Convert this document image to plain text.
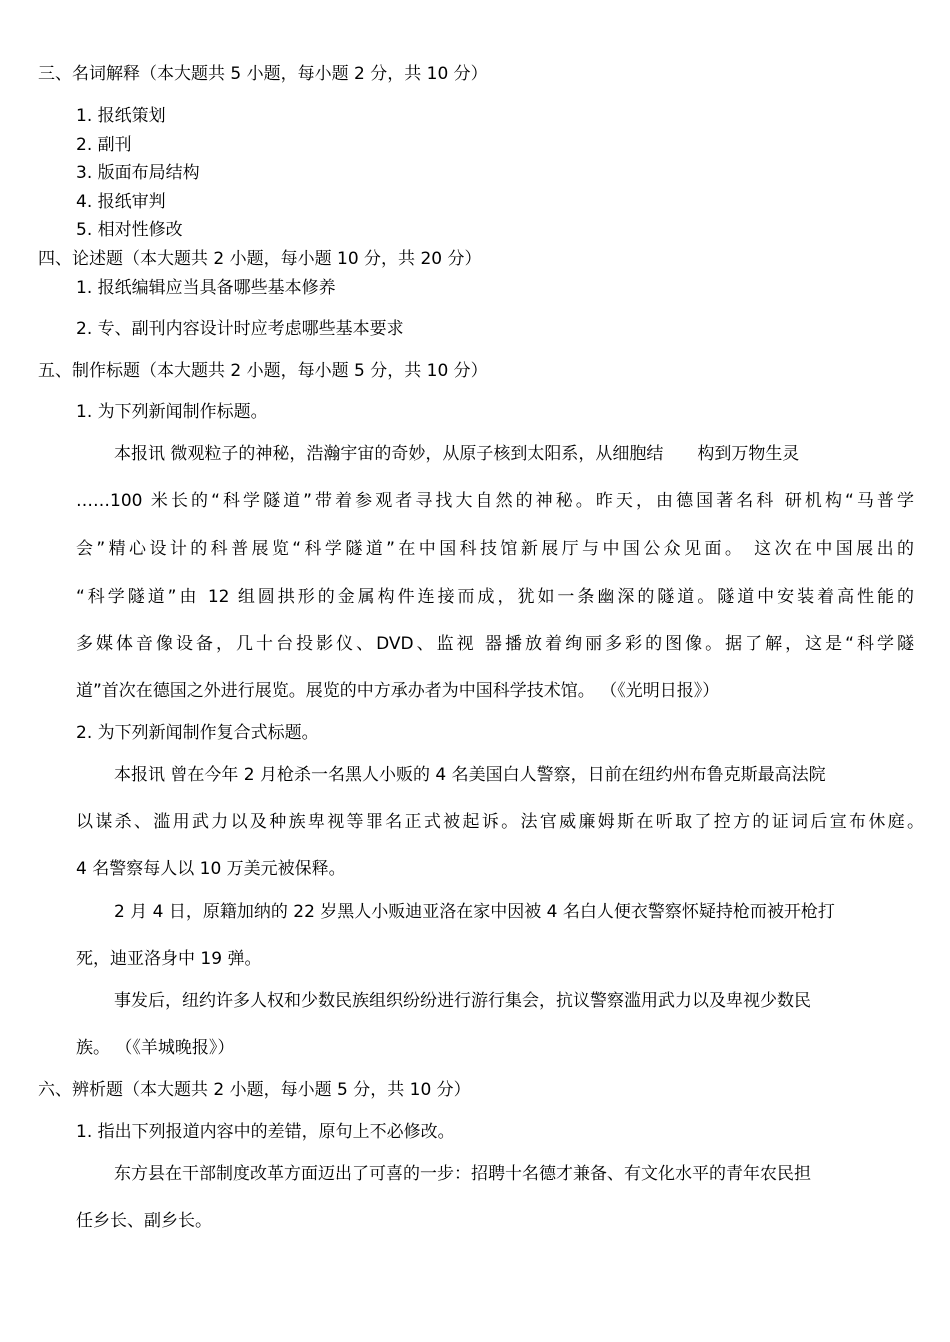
三、名词解释（本大题共 5 小题，每小题 2 分，共 10 分）
1. 报纸策划
2. 副刊
3. 版面布局结构
4. 报纸审判
5. 相对性修改
四、论述题（本大题共 2 小题，每小题 10 分，共 20 分）
1. 报纸编辑应当具备哪些基本修养
2. 专、副刊内容设计时应考虑哪些基本要求
五、制作标题（本大题共 2 小题，每小题 5 分，共 10 分）
1. 为下列新闻制作标题。
本报讯 微观粒子的神秘，浩瀚宇宙的奇妙，从原子核到太阳系，从细胞结　　构到万物生灵
……100 米长的“科学隧道”带着参观者寻找大自然的神秘。昨天，由德国著名科 研机构“马普学
会”精心设计的科普展览“科学隧道”在中国科技馆新展厅与中国公众见面。 这次在中国展出的
“科学隧道”由 12 组圆拱形的金属构件连接而成，犹如一条幽深的隧道。隧道中安装着高性能的
多媒体音像设备，几十台投影仪、DVD、监视 器播放着绚丽多彩的图像。据了解，这是“科学隧
道”首次在德国之外进行展览。展览的中方承办者为中国科学技术馆。 （《光明日报》）
2. 为下列新闻制作复合式标题。
本报讯 曾在今年 2 月枪杀一名黑人小贩的 4 名美国白人警察，日前在纽约州布鲁克斯最高法院
以谋杀、滥用武力以及种族卑视等罪名正式被起诉。法官威廉姆斯在听取了控方的证词后宣布休庭。
4 名警察每人以 10 万美元被保释。
2 月 4 日，原籍加纳的 22 岁黑人小贩迪亚洛在家中因被 4 名白人便衣警察怀疑持枪而被开枪打
死，迪亚洛身中 19 弹。
事发后，纽约许多人权和少数民族组织纷纷进行游行集会，抗议警察滥用武力以及卑视少数民
族。 （《羊城晚报》）
六、辨析题（本大题共 2 小题，每小题 5 分，共 10 分）
1. 指出下列报道内容中的差错，原句上不必修改。
东方县在干部制度改革方面迈出了可喜的一步：招聘十名德才兼备、有文化水平的青年农民担
任乡长、副乡长。
